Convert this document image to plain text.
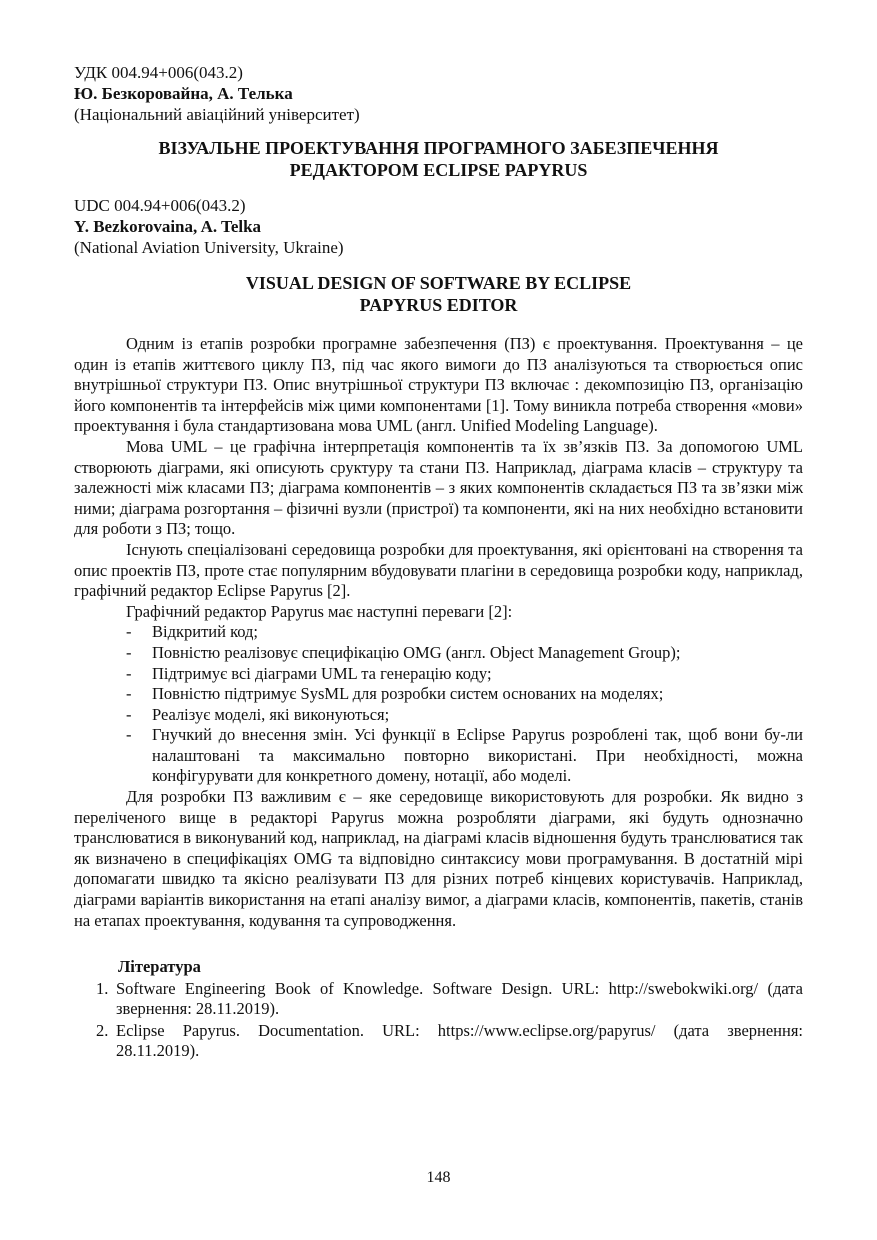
УДК 004.94+006(043.2)
Ю. Безкоровайна, А. Телька
(Національний авіаційний університет)
ВІЗУАЛЬНЕ ПРОЕКТУВАННЯ ПРОГРАМНОГО ЗАБЕЗПЕЧЕННЯ
РЕДАКТОРОМ ECLIPSE PAPYRUS
UDC 004.94+006(043.2)
Y. Bezkorovaina, A. Telka
(National Aviation University, Ukraine)
VISUAL DESIGN OF SOFTWARE BY ECLIPSE
PAPYRUS EDITOR

Одним із етапів розробки програмне забезпечення (ПЗ) є проектування. Проектування – це один із етапів життєвого циклу ПЗ, під час якого вимоги до ПЗ аналізуються та створюється опис внутрішньої структури ПЗ. Опис внутрішньої структури ПЗ включає : декомпозицію ПЗ, організацію його компонентів та інтерфейсів між цими компонентами [1]. Тому виникла потреба створення «мови» проектування і була стандартизована мова UML (англ. Unified Modeling Language).

Мова UML – це графічна інтерпретація компонентів та їх зв’язків ПЗ. За допомогою UML створюють діаграми, які описують сруктуру та стани ПЗ. Наприклад, діаграма класів – структуру та залежності між класами ПЗ; діаграма компонентів – з яких компонентів складається ПЗ та зв’язки між ними; діаграма розгортання – фізичні вузли (пристрої) та компоненти, які на них необхідно встановити для роботи з ПЗ; тощо.

Існують спеціалізовані середовища розробки для проектування, які орієнтовані на створення та опис проектів ПЗ, проте стає популярним вбудовувати плагіни в середовища розробки коду, наприклад, графічний редактор Eclipse Papyrus [2].

Графічний редактор Papyrus має наступні переваги [2]:

- Відкритий код;
- Повністю реалізовує специфікацію OMG (англ. Object Management Group);
- Підтримує всі діаграми UML та генерацію коду;
- Повністю підтримує SysML для розробки систем основаних на моделях;
- Реалізує моделі, які виконуються;
- Гнучкий до внесення змін. Усі функції в Eclipse Papyrus розроблені так, щоб вони бу-ли налаштовані та максимально повторно використані. При необхідності, можна конфігурувати для конкретного домену, нотації, або моделі.

Для розробки ПЗ важливим є – яке середовище використовують для розробки. Як видно з переліченого вище в редакторі Papyrus можна розробляти діаграми, які будуть однозначно транслюватися в виконуваний код, наприклад, на діаграмі класів відношення будуть транслюватися так як визначено в специфікаціях OMG та відповідно синтаксису мови програмування. В достатній мірі допомагати швидко та якісно реалізувати ПЗ для різних потреб кінцевих користувачів. Наприклад, діаграми варіантів використання на етапі аналізу вимог, а діаграми класів, компонентів, пакетів, станів на етапах проектування, кодування та супроводження.

Література
1. Software Engineering Book of Knowledge. Software Design. URL: http://swebokwiki.org/ (дата звернення: 28.11.2019).
2. Eclipse Papyrus. Documentation. URL: https://www.eclipse.org/papyrus/ (дата звернення: 28.11.2019).
148
